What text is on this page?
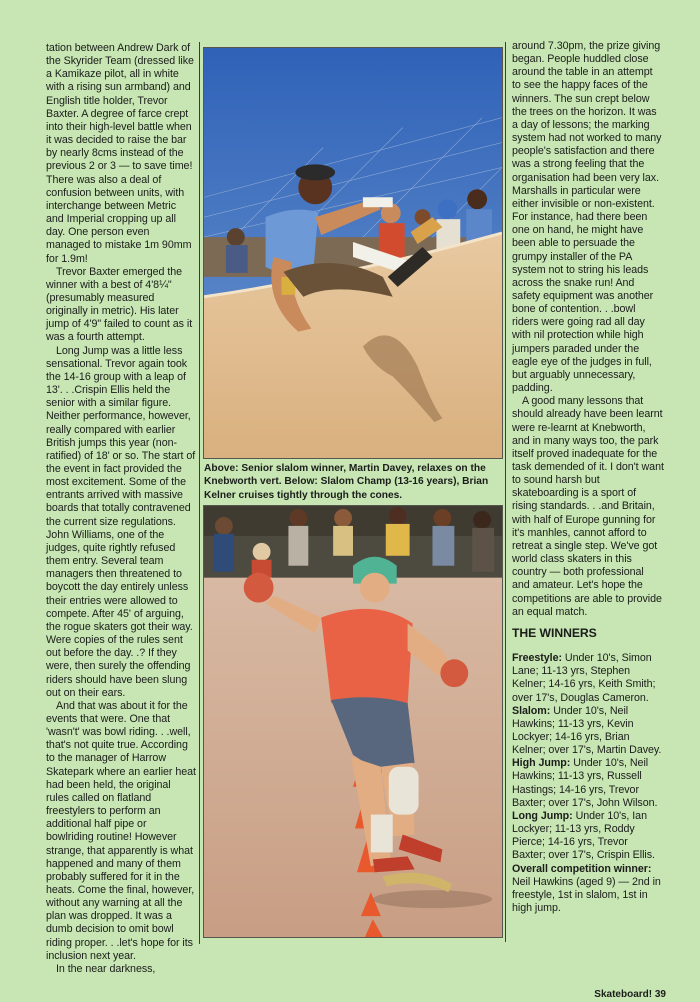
tation between Andrew Dark of the Skyrider Team (dressed like a Kamikaze pilot, all in white with a rising sun armband) and English title holder, Trevor Baxter. A degree of farce crept into their high-level battle when it was decided to raise the bar by nearly 8cms instead of the previous 2 or 3 — to save time! There was also a deal of confusion between units, with interchange between Metric and Imperial cropping up all day. One person even managed to mistake 1m 90mm for 1.9m!

Trevor Baxter emerged the winner with a best of 4'8¼" (presumably measured originally in metric). His later jump of 4'9" failed to count as it was a fourth attempt.

Long Jump was a little less sensational. Trevor again took the 14-16 group with a leap of 13'. . .Crispin Ellis held the senior with a similar figure. Neither performance, however, really compared with earlier British jumps this year (non-ratified) of 18' or so. The start of the event in fact provided the most excitement. Some of the entrants arrived with massive boards that totally contravened the current size regulations. John Williams, one of the judges, quite rightly refused them entry. Several team managers then threatened to boycott the day entirely unless their entries were allowed to compete. After 45' of arguing, the rogue skaters got their way. Were copies of the rules sent out before the day. .? If they were, then surely the offending riders should have been slung out on their ears.

And that was about it for the events that were. One that 'wasn't' was bowl riding. . .well, that's not quite true. According to the manager of Harrow Skatepark where an earlier heat had been held, the original rules called on flatland freestylers to perform an additional half pipe or bowlriding routine! However strange, that apparently is what happened and many of them probably suffered for it in the heats. Come the final, however, without any warning at all the plan was dropped. It was a dumb decision to omit bowl riding proper. . .let's hope for its inclusion next year.

In the near darkness,

Above: Senior slalom winner, Martin Davey, relaxes on the Knebworth vert. Below: Slalom Champ (13-16 years), Brian Kelner cruises tightly through the cones.

around 7.30pm, the prize giving began. People huddled close around the table in an attempt to see the happy faces of the winners. The sun crept below the trees on the horizon. It was a day of lessons; the marking system had not worked to many people's satisfaction and there was a strong feeling that the organisation had been very lax. Marshalls in particular were either invisible or non-existent. For instance, had there been one on hand, he might have been able to persuade the grumpy installer of the PA system not to string his leads across the snake run! And safety equipment was another bone of contention. . .bowl riders were going rad all day with nil protection while high jumpers paraded under the eagle eye of the judges in full, but arguably unnecessary, padding.

A good many lessons that should already have been learnt were re-learnt at Knebworth, and in many ways too, the park itself proved inadequate for the task demended of it. I don't want to sound harsh but skateboarding is a sport of rising standards. . .and Britain, with half of Europe gunning for it's manhles, cannot afford to retreat a single step. We've got world class skaters in this country — both professional and amateur. Let's hope the competitions are able to provide an equal match.

THE WINNERS

Freestyle: Under 10's, Simon Lane; 11-13 yrs, Stephen Kelner; 14-16 yrs, Keith Smith; over 17's, Douglas Cameron.

Slalom: Under 10's, Neil Hawkins; 11-13 yrs, Kevin Lockyer; 14-16 yrs, Brian Kelner; over 17's, Martin Davey.

High Jump: Under 10's, Neil Hawkins; 11-13 yrs, Russell Hastings; 14-16 yrs, Trevor Baxter; over 17's, John Wilson.

Long Jump: Under 10's, Ian Lockyer; 11-13 yrs, Roddy Pierce; 14-16 yrs, Trevor Baxter; over 17's, Crispin Ellis.

Overall competition winner: Neil Hawkins (aged 9) — 2nd in freestyle, 1st in slalom, 1st in high jump.

Skateboard! 39
